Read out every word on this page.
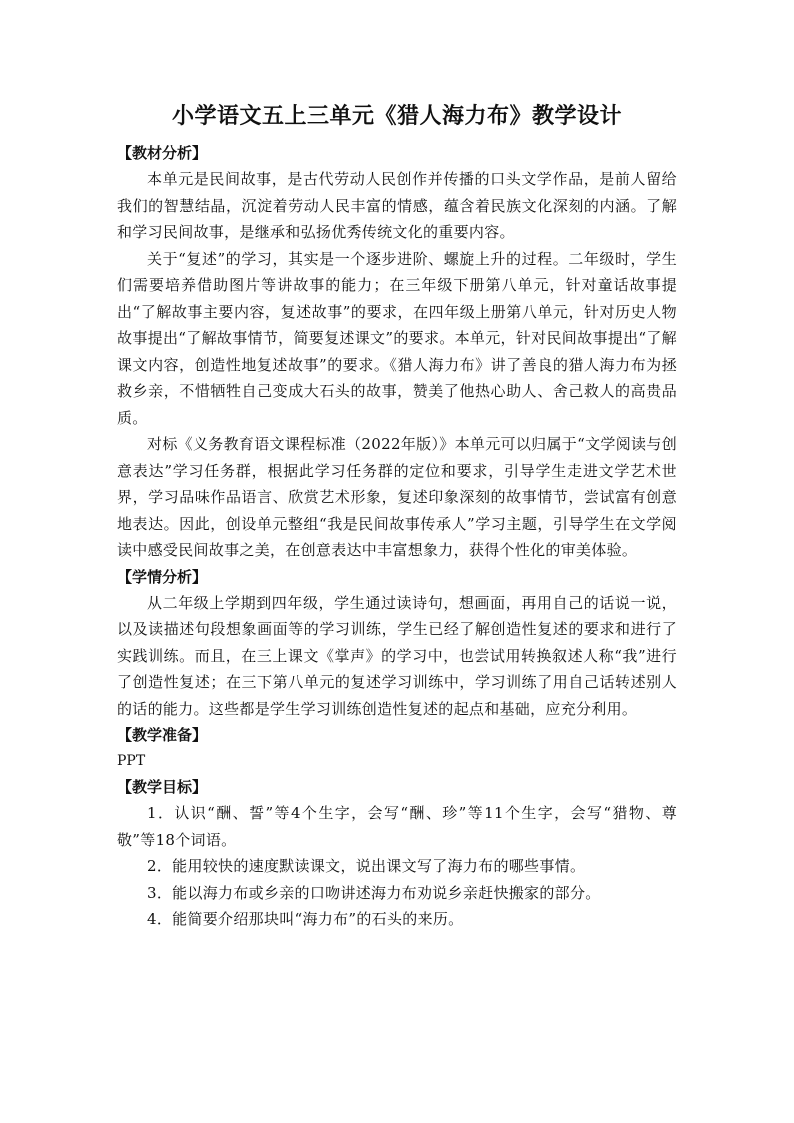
小学语文五上三单元《猎人海力布》教学设计
【教材分析】

本单元是民间故事，是古代劳动人民创作并传播的口头文学作品，是前人留给我们的智慧结晶，沉淀着劳动人民丰富的情感，蕴含着民族文化深刻的内涵。了解和学习民间故事，是继承和弘扬优秀传统文化的重要内容。

关于“复述”的学习，其实是一个逐步进阶、螺旋上升的过程。二年级时，学生们需要培养借助图片等讲故事的能力；在三年级下册第八单元，针对童话故事提出“了解故事主要内容，复述故事”的要求，在四年级上册第八单元，针对历史人物故事提出“了解故事情节，简要复述课文”的要求。本单元，针对民间故事提出“了解课文内容，创造性地复述故事”的要求。《猎人海力布》讲了善良的猎人海力布为拯救乡亲，不惜牺牲自己变成大石头的故事，赞美了他热心助人、舍己救人的高贵品质。

对标《义务教育语文课程标准（2022年版）》本单元可以归属于“文学阅读与创意表达”学习任务群，根据此学习任务群的定位和要求，引导学生走进文学艺术世界，学习品味作品语言、欣赏艺术形象，复述印象深刻的故事情节，尝试富有创意地表达。因此，创设单元整组“我是民间故事传承人”学习主题，引导学生在文学阅读中感受民间故事之美，在创意表达中丰富想象力，获得个性化的审美体验。

【学情分析】

从二年级上学期到四年级，学生通过读诗句，想画面，再用自己的话说一说，以及读描述句段想象画面等的学习训练，学生已经了解创造性复述的要求和进行了实践训练。而且，在三上课文《掌声》的学习中，也尝试用转换叙述人称“我”进行了创造性复述；在三下第八单元的复述学习训练中，学习训练了用自己话转述别人的话的能力。这些都是学生学习训练创造性复述的起点和基础，应充分利用。

【教学准备】

PPT

【教学目标】

1．认识“酬、誓”等4个生字，会写“酬、珍”等11个生字，会写“猎物、尊敬”等18个词语。

2．能用较快的速度默读课文，说出课文写了海力布的哪些事情。

3．能以海力布或乡亲的口吻讲述海力布劝说乡亲赶快搬家的部分。

4．能简要介绍那块叫“海力布”的石头的来历。
